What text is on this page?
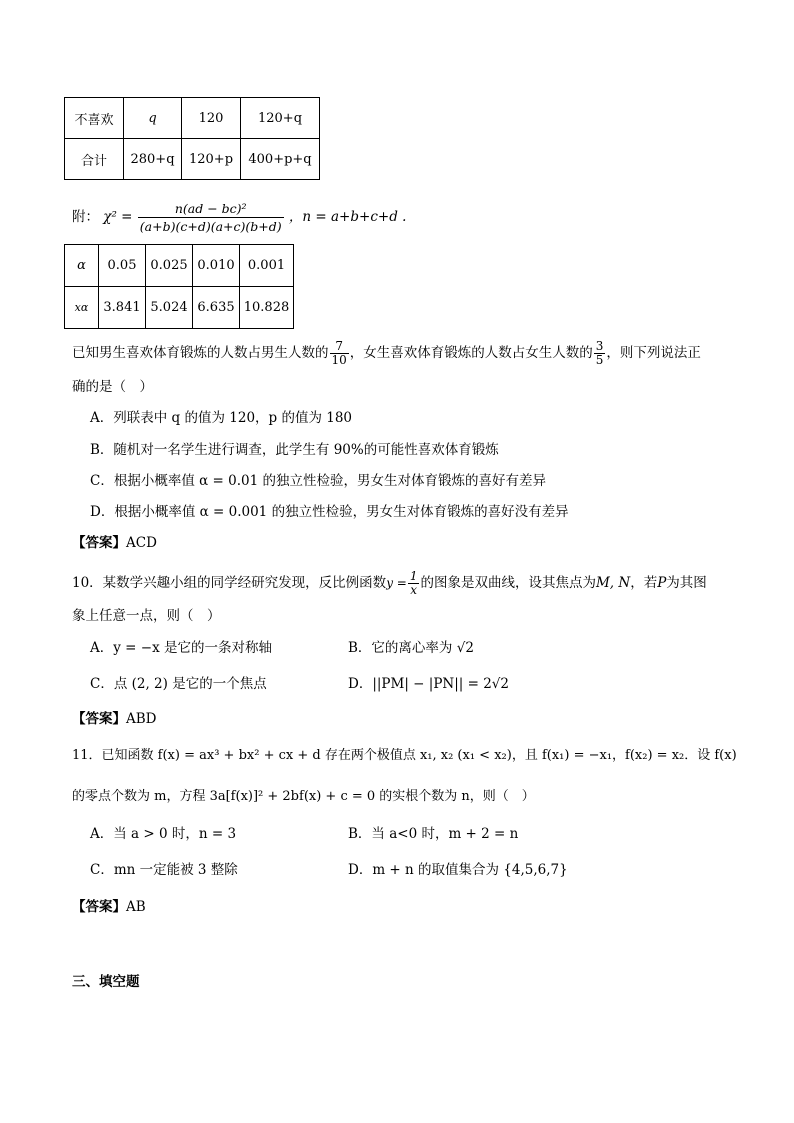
不喜欢	q	120	120+q
合计	280+q	120+p	400+p+q
附： $\chi^2 = \frac{\text{n(ad − bc)²}}{(a+b)(c+d)(a+c)(b+d)}$ ，n = a+b+c+d .
α	0.05	0.025	0.010	0.001
xα	3.841	5.024	6.635	10.828
已知男生喜欢体育锻炼的人数占男生人数的 $\frac{7}{10}$ ，女生喜欢体育锻炼的人数占女生人数的 $\frac{3}{5}$ ，则下列说法正
确的是（　）
A．列联表中 q 的值为 120，p 的值为 180
B．随机对一名学生进行调查，此学生有 90%的可能性喜欢体育锻炼
C．根据小概率值 α = 0.01 的独立性检验，男女生对体育锻炼的喜好有差异
D．根据小概率值 α = 0.001 的独立性检验，男女生对体育锻炼的喜好没有差异
【答案】ACD
10．某数学兴趣小组的同学经研究发现，反比例函数$y = \frac{1}{x}$ 的图象是双曲线，设其焦点为M, N，若P为其图
象上任意一点，则（　）
A．y = −x 是它的一条对称轴	B．它的离心率为 √2
C．点 (2, 2) 是它的一个焦点	D．||PM| − |PN|| = 2√2
【答案】ABD
11．已知函数 f(x) = ax³ + bx² + cx + d 存在两个极值点 x₁, x₂ (x₁ < x₂)，且 f(x₁) = −x₁，f(x₂) = x₂．设 f(x)
的零点个数为 m，方程 3a[f(x)]² + 2bf(x) + c = 0 的实根个数为 n，则（　）
A．当 a > 0 时，n = 3	B．当 a<0 时，m + 2 = n
C．mn 一定能被 3 整除	D．m + n 的取值集合为 {4,5,6,7}
【答案】AB
三、填空题
